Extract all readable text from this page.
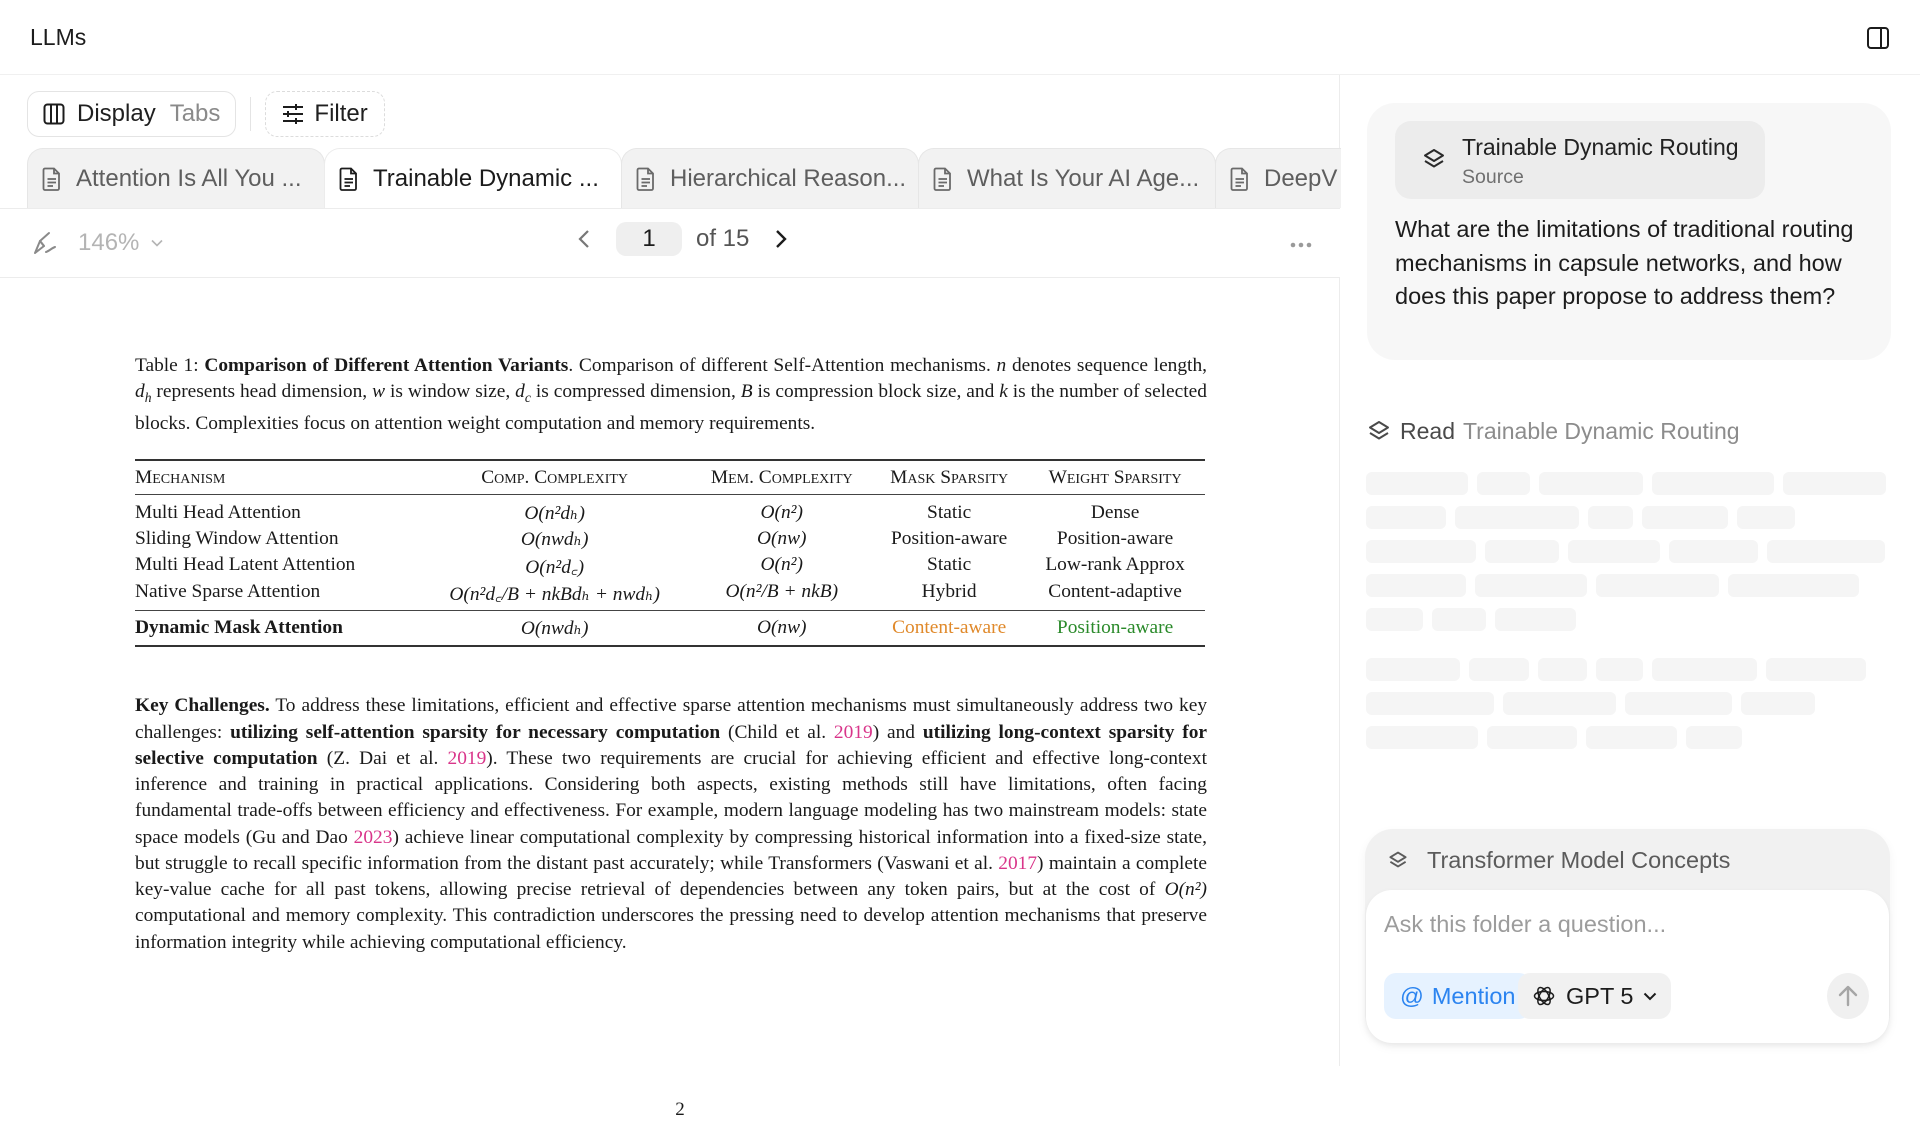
LLMs
Display Tabs	Filter
Attention Is All You ...	Trainable Dynamic ...	Hierarchical Reason...	What Is Your AI Age...	DeepV
146%
1	of 15

Table 1: Comparison of Different Attention Variants. Comparison of different Self-Attention mechanisms. n denotes sequence length, $d_h$ represents head dimension, w is window size, $d_c$ is compressed dimension, B is compression block size, and k is the number of selected blocks. Complexities focus on attention weight computation and memory requirements.

Mechanism	Comp. Complexity	Mem. Complexity	Mask Sparsity	Weight Sparsity
Multi Head Attention	O(n²dₕ)	O(n²)	Static	Dense
Sliding Window Attention	O(nwdₕ)	O(nw)	Position-aware	Position-aware
Multi Head Latent Attention	O(n²d꜀)	O(n²)	Static	Low-rank Approx
Native Sparse Attention	O(n²d꜀/B + nkBdₕ + nwdₕ)	O(n²/B + nkB)	Hybrid	Content-adaptive
Dynamic Mask Attention	O(nwdₕ)	O(nw)	Content-aware	Position-aware

Key Challenges. To address these limitations, efficient and effective sparse attention mechanisms must simultaneously address two key challenges: utilizing self-attention sparsity for necessary computation (Child et al. 2019) and utilizing long-context sparsity for selective computation (Z. Dai et al. 2019). These two requirements are crucial for achieving efficient and effective long-context inference and training in practical applications. Considering both aspects, existing methods still have limitations, often facing fundamental trade-offs between efficiency and effectiveness. For example, modern language modeling has two mainstream models: state space models (Gu and Dao 2023) achieve linear computational complexity by compressing historical information into a fixed-size state, but struggle to recall specific information from the distant past accurately; while Transformers (Vaswani et al. 2017) maintain a complete key-value cache for all past tokens, allowing precise retrieval of dependencies between any token pairs, but at the cost of O(n²) computational and memory complexity. This contradiction underscores the pressing need to develop attention mechanisms that preserve information integrity while achieving computational efficiency.

2
Trainable Dynamic Routing
Source
What are the limitations of traditional routing mechanisms in capsule networks, and how does this paper propose to address them?
Read Trainable Dynamic Routing
Transformer Model Concepts
Ask this folder a question...
@ Mention GPT 5
